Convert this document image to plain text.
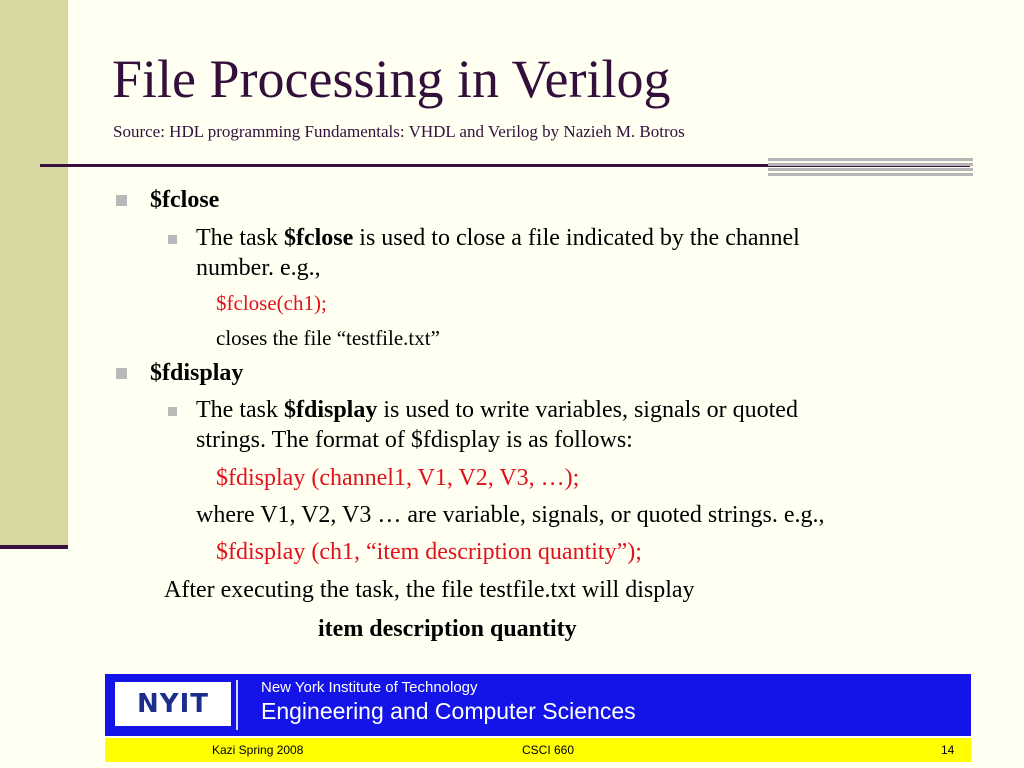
File Processing in Verilog
Source: HDL programming Fundamentals: VHDL and Verilog by Nazieh M. Botros
$fclose
The task $fclose is used to close a file indicated by the channel
number. e.g.,
$fclose(ch1);
closes the file “testfile.txt”
$fdisplay
The task $fdisplay is used to write variables, signals or quoted
strings. The format of $fdisplay is as follows:
$fdisplay (channel1, V1, V2, V3, …);
where V1, V2, V3 … are variable, signals, or quoted strings. e.g.,
$fdisplay (ch1, “item description quantity”);
After executing the task, the file testfile.txt will display
item description quantity
NYIT
New York Institute of Technology
Engineering and Computer Sciences
Kazi Spring 2008	CSCI 660	14
